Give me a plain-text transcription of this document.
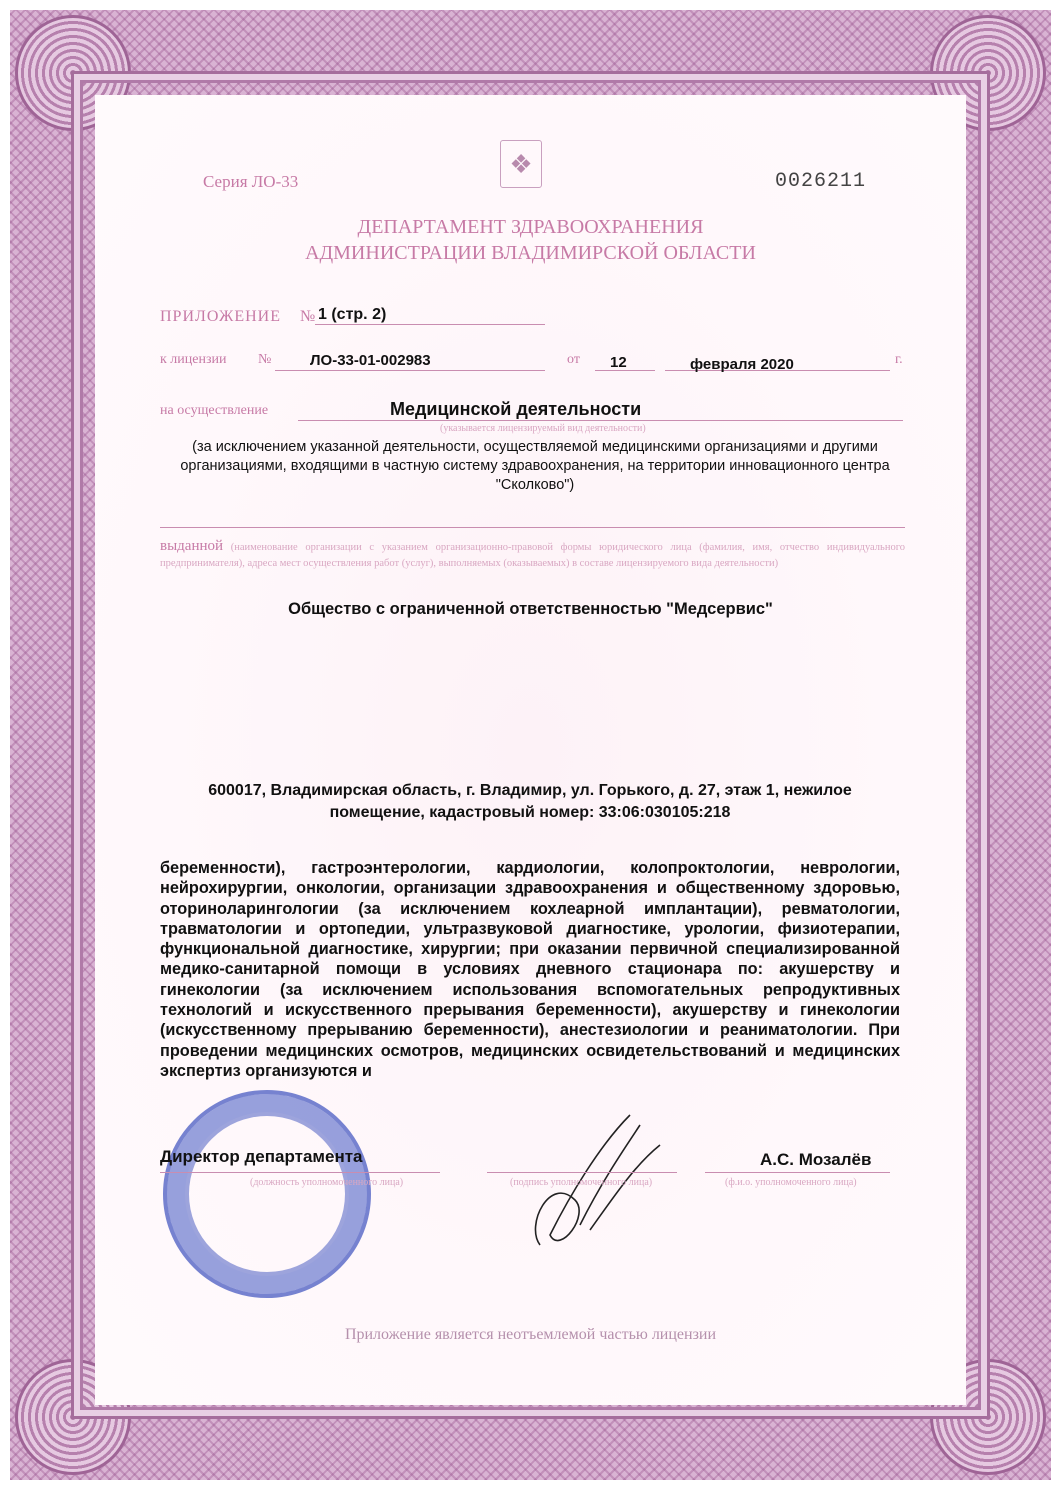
❖
Серия ЛО-33	0026211
ДЕПАРТАМЕНТ ЗДРАВООХРАНЕНИЯ
АДМИНИСТРАЦИИ ВЛАДИМИРСКОЙ ОБЛАСТИ
ПРИЛОЖЕНИЕ № 1 (стр. 2)
к лицензии №	ЛО-33-01-002983	от 12	февраля 2020	г.
на осуществление	Медицинской деятельности
(указывается лицензируемый вид деятельности)
(за исключением указанной деятельности, осуществляемой медицинскими организациями и другими организациями, входящими в частную систему здравоохранения, на территории инновационного центра "Сколково")
выданной (наименование организации с указанием организационно-правовой формы юридического лица (фамилия, имя, отчество индивидуального предпринимателя), адреса мест осуществления работ (услуг), выполняемых (оказываемых) в составе лицензируемого вида деятельности)
Общество с ограниченной ответственностью "Медсервис"
600017, Владимирская область, г. Владимир, ул. Горького, д. 27, этаж 1, нежилое
помещение, кадастровый номер: 33:06:030105:218
беременности), гастроэнтерологии, кардиологии, колопроктологии, неврологии, нейрохирургии, онкологии, организации здравоохранения и общественному здоровью, оториноларингологии (за исключением кохлеарной имплантации), ревматологии, травматологии и ортопедии, ультразвуковой диагностике, урологии, физиотерапии, функциональной диагностике, хирургии; при оказании первичной специализированной медико-санитарной помощи в условиях дневного стационара по: акушерству и гинекологии (за исключением использования вспомогательных репродуктивных технологий и искусственного прерывания беременности), акушерству и гинекологии (искусственному прерыванию беременности), анестезиологии и реаниматологии. При проведении медицинских осмотров, медицинских освидетельствований и медицинских экспертиз организуются и
Директор департамента
(должность уполномоченного лица)	(подпись уполномоченного лица)
А.С. Мозалёв
(ф.и.о. уполномоченного лица)
Приложение является неотъемлемой частью лицензии
